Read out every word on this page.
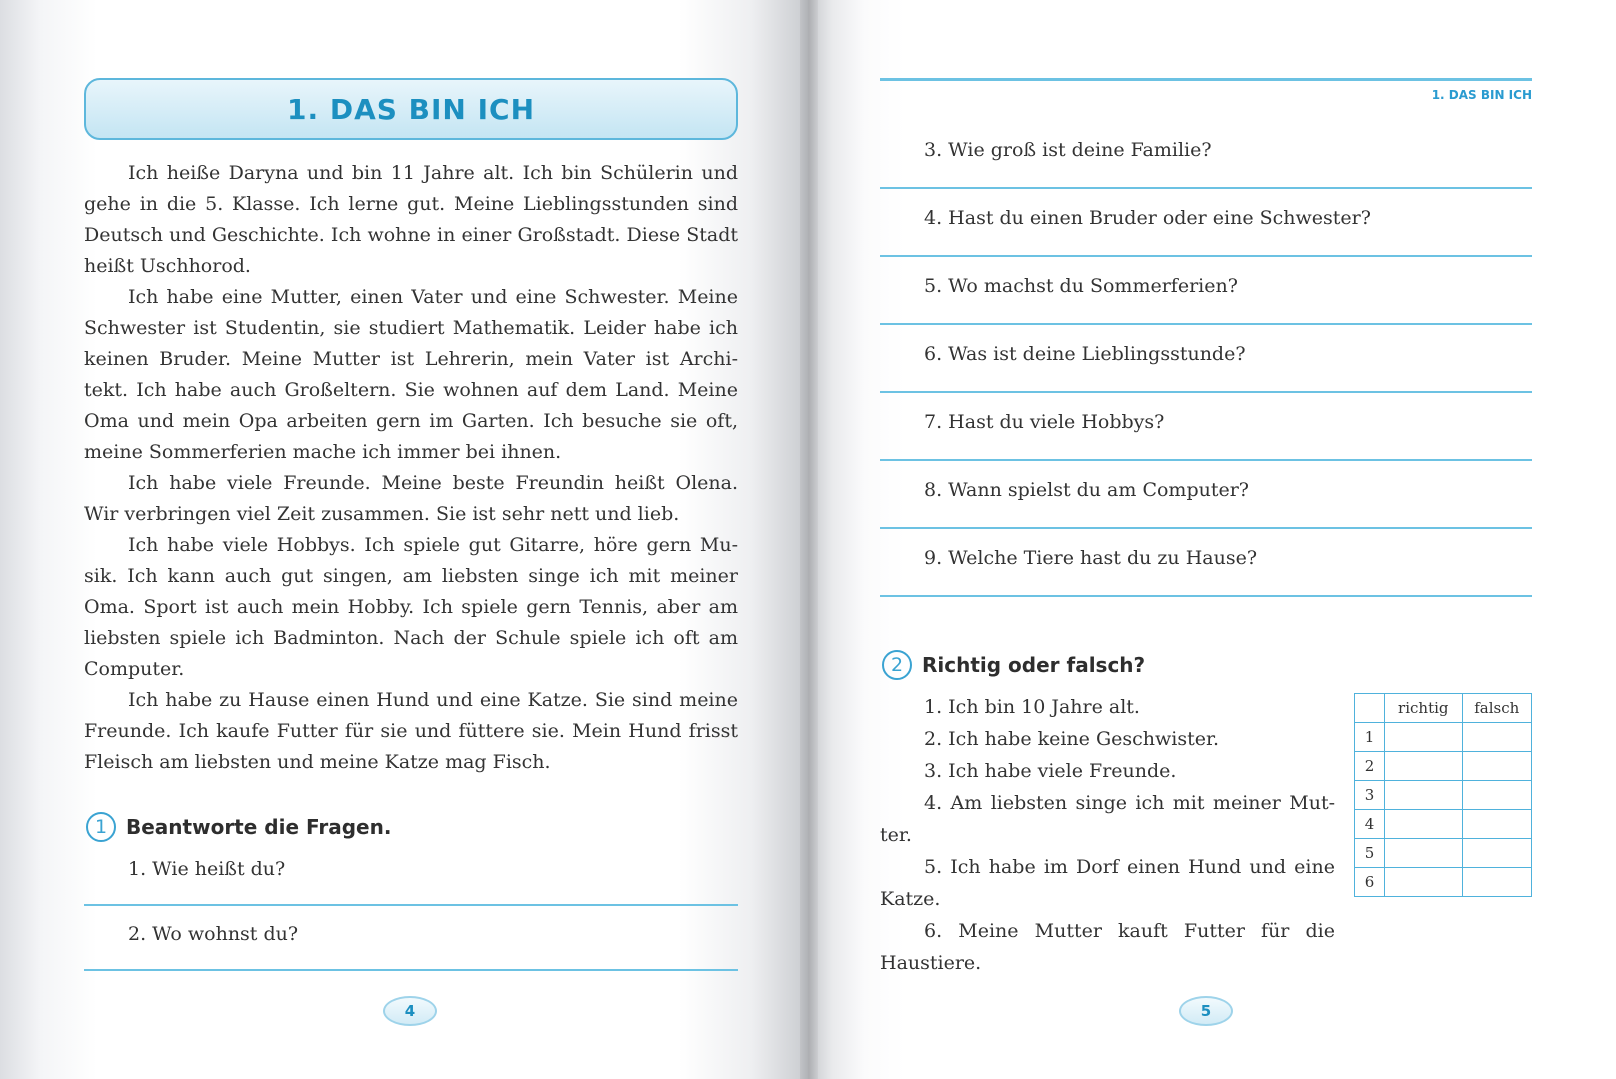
1. DAS BIN ICH

Ich heiße Daryna und bin 11 Jahre alt. Ich bin Schülerin und gehe in die 5. Klasse. Ich lerne gut. Meine Lieblingsstunden sind Deutsch und Geschichte. Ich wohne in einer Großstadt. Diese Stadt heißt Uschhorod.

Ich habe eine Mutter, einen Vater und eine Schwester. Meine Schwester ist Studentin, sie studiert Mathematik. Leider habe ich keinen Bruder. Meine Mutter ist Lehrerin, mein Vater ist Archi-tekt. Ich habe auch Großeltern. Sie wohnen auf dem Land. Meine Oma und mein Opa arbeiten gern im Garten. Ich besuche sie oft, meine Sommerferien mache ich immer bei ihnen.

Ich habe viele Freunde. Meine beste Freundin heißt Olena. Wir verbringen viel Zeit zusammen. Sie ist sehr nett und lieb.

Ich habe viele Hobbys. Ich spiele gut Gitarre, höre gern Mu-sik. Ich kann auch gut singen, am liebsten singe ich mit meiner Oma. Sport ist auch mein Hobby. Ich spiele gern Tennis, aber am liebsten spiele ich Badminton. Nach der Schule spiele ich oft am Computer.

Ich habe zu Hause einen Hund und eine Katze. Sie sind meine Freunde. Ich kaufe Futter für sie und füttere sie. Mein Hund frisst Fleisch am liebsten und meine Katze mag Fisch.

1 Beantworte die Fragen.
1. Wie heißt du?
2. Wo wohnst du?
4
1. DAS BIN ICH
3. Wie groß ist deine Familie?
4. Hast du einen Bruder oder eine Schwester?
5. Wo machst du Sommerferien?
6. Was ist deine Lieblingsstunde?
7. Hast du viele Hobbys?
8. Wann spielst du am Computer?
9. Welche Tiere hast du zu Hause?
2 Richtig oder falsch?

1. Ich bin 10 Jahre alt.

2. Ich habe keine Geschwister.

3. Ich habe viele Freunde.

4. Am liebsten singe ich mit meiner Mut-ter.

5. Ich habe im Dorf einen Hund und eine Katze.

6. Meine Mutter kauft Futter für die Haustiere.

	richtig	falsch
1		
2		
3		
4		
5		
6		
5
